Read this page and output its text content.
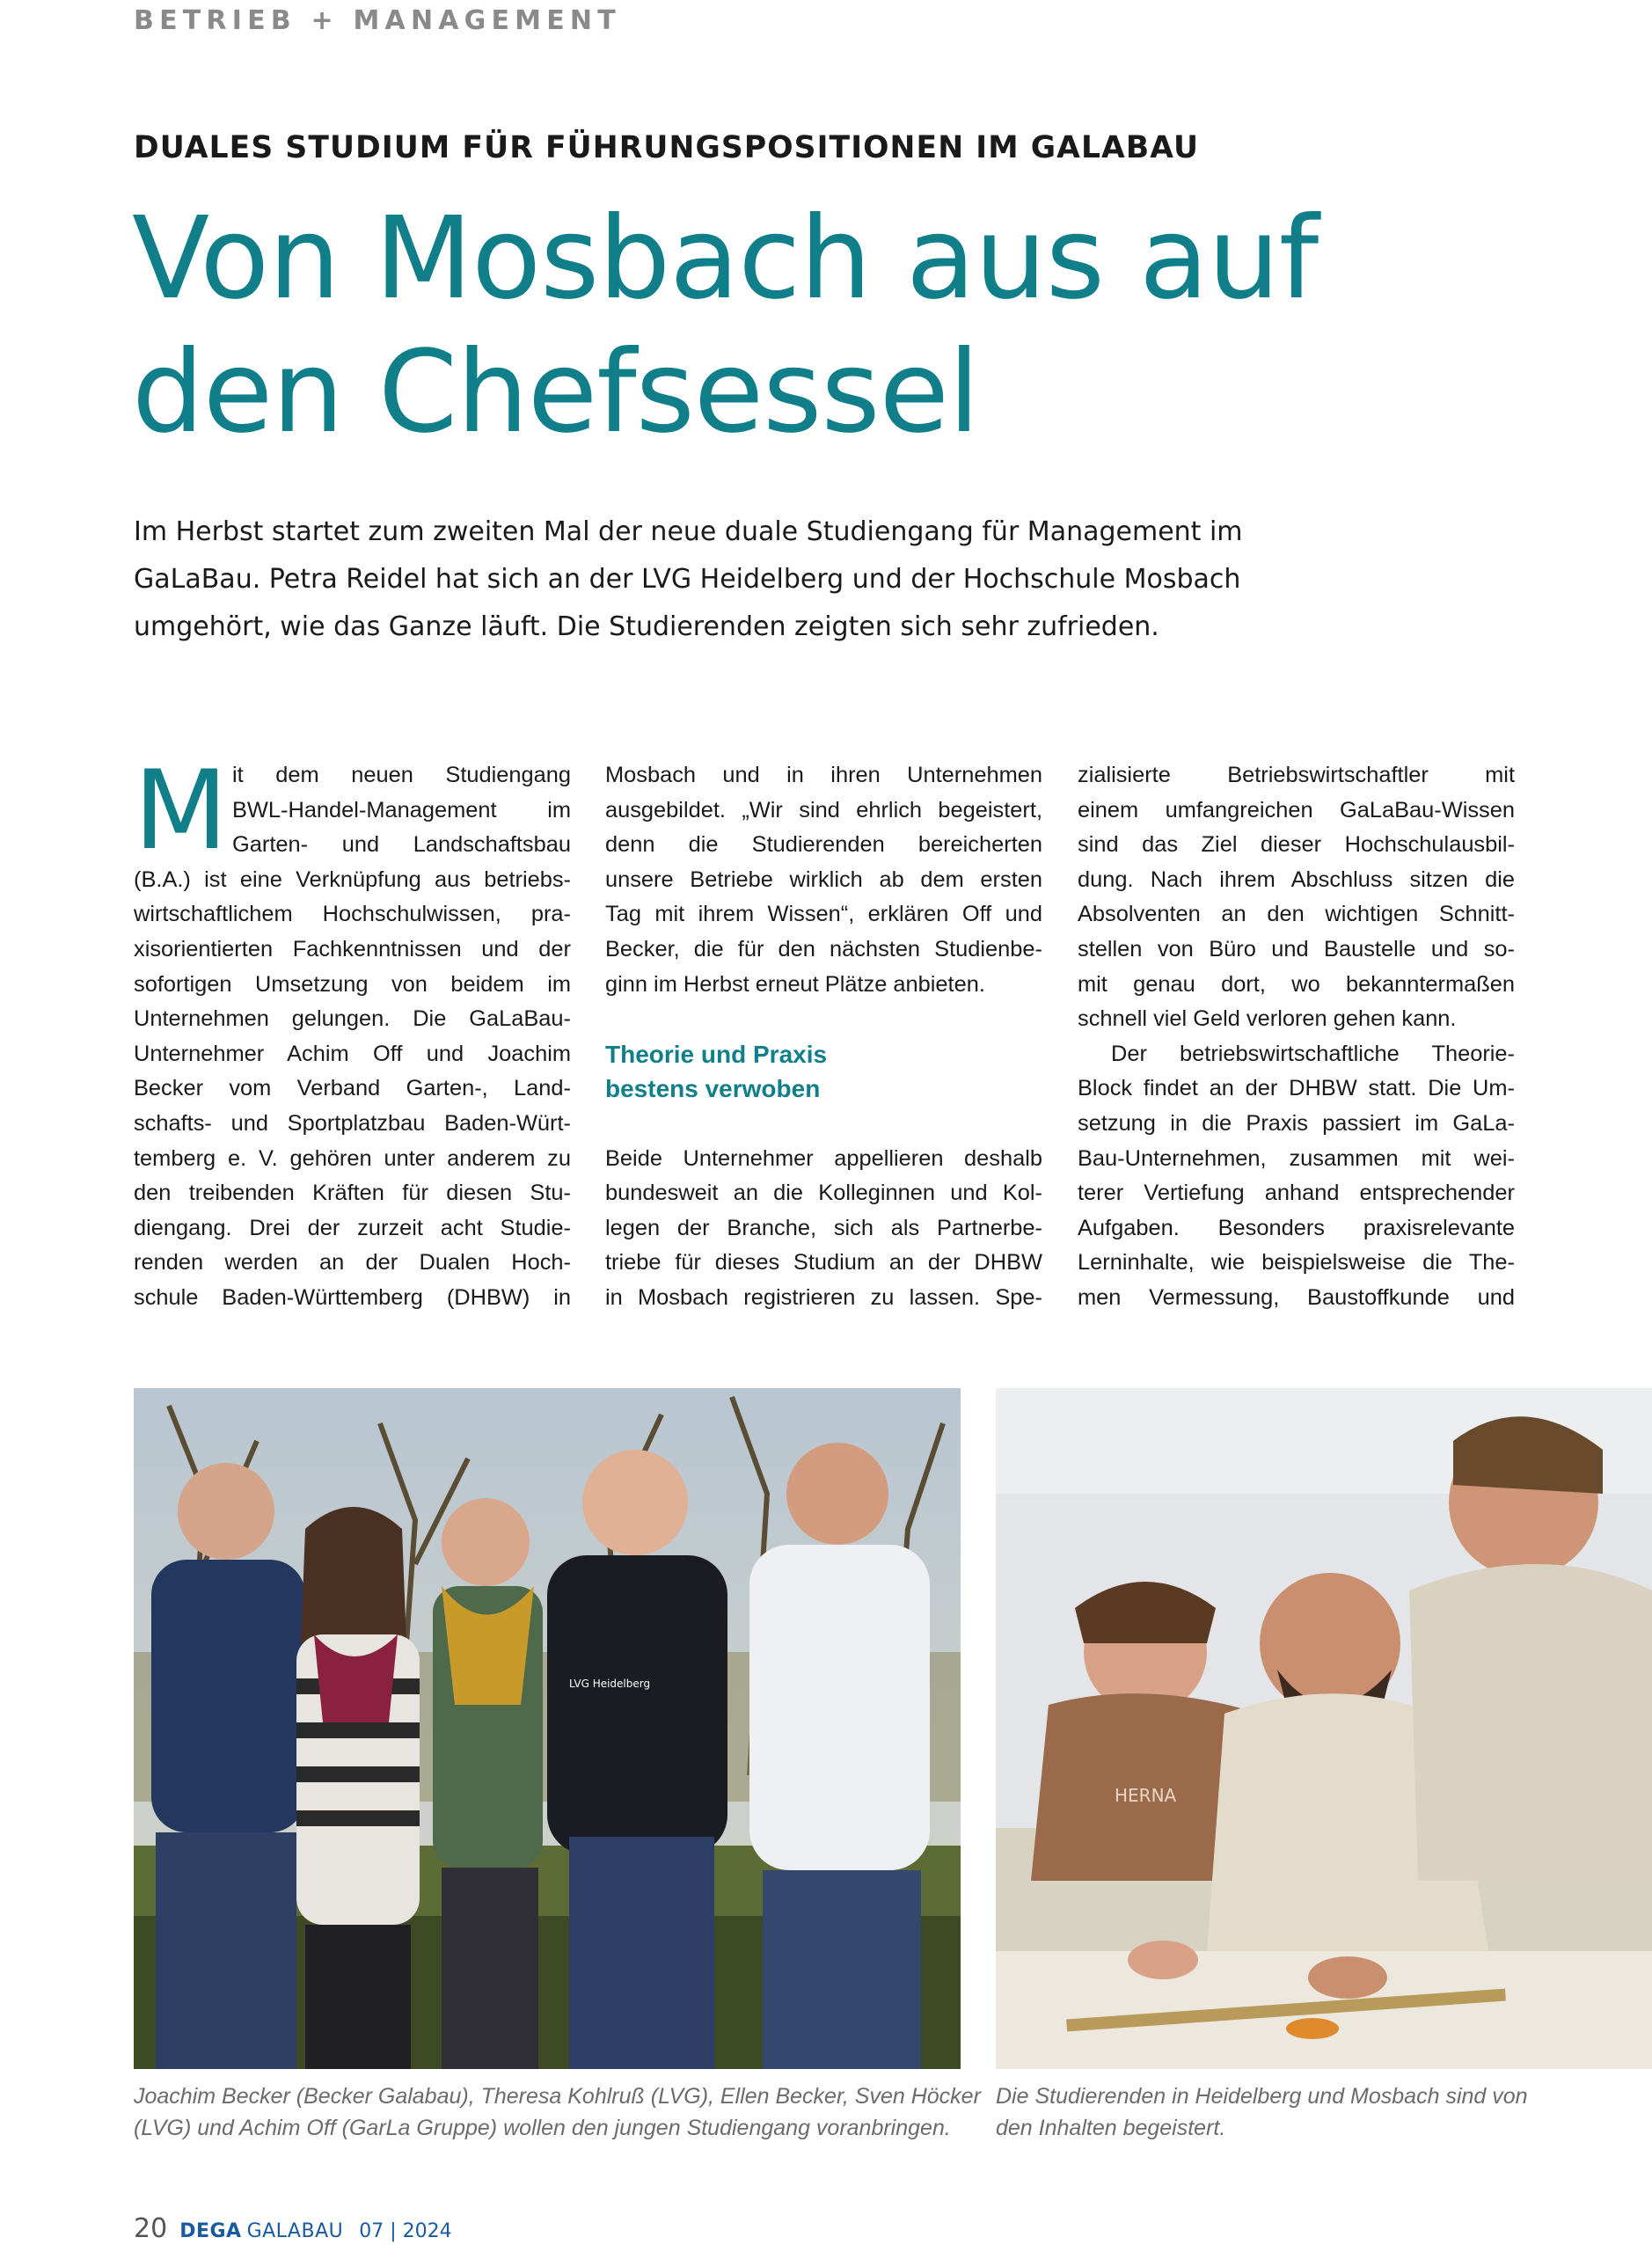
BETRIEB + MANAGEMENT
DUALES STUDIUM FÜR FÜHRUNGSPOSITIONEN IM GALABAU
Von Mosbach aus auf
den Chefsessel
Im Herbst startet zum zweiten Mal der neue duale Studiengang für Management im
GaLaBau. Petra Reidel hat sich an der LVG Heidelberg und der Hochschule Mosbach
umgehört, wie das Ganze läuft. Die Studierenden zeigten sich sehr zufrieden.
M it dem neuen Studiengang
BWL-Handel-Management im
Garten- und Landschaftsbau
(B.A.) ist eine Verknüpfung aus betriebs-
wirtschaftlichem Hochschulwissen, pra-
xisorientierten Fachkenntnissen und der
sofortigen Umsetzung von beidem im
Unternehmen gelungen. Die GaLaBau-
Unternehmer Achim Off und Joachim
Becker vom Verband Garten-, Land-
schafts- und Sportplatzbau Baden-Würt-
temberg e. V. gehören unter anderem zu
den treibenden Kräften für diesen Stu-
diengang. Drei der zurzeit acht Studie-
renden werden an der Dualen Hoch-
schule Baden-Württemberg (DHBW) in
Mosbach und in ihren Unternehmen
ausgebildet. „Wir sind ehrlich begeistert,
denn die Studierenden bereicherten
unsere Betriebe wirklich ab dem ersten
Tag mit ihrem Wissen“, erklären Off und
Becker, die für den nächsten Studienbe-
ginn im Herbst erneut Plätze anbieten.
Theorie und Praxis
bestens verwoben
Beide Unternehmer appellieren deshalb
bundesweit an die Kolleginnen und Kol-
legen der Branche, sich als Partnerbe-
triebe für dieses Studium an der DHBW
in Mosbach registrieren zu lassen. Spe-
zialisierte Betriebswirtschaftler mit
einem umfangreichen GaLaBau-Wissen
sind das Ziel dieser Hochschulausbil-
dung. Nach ihrem Abschluss sitzen die
Absolventen an den wichtigen Schnitt-
stellen von Büro und Baustelle und so-
mit genau dort, wo bekanntermaßen
schnell viel Geld verloren gehen kann.
Der betriebswirtschaftliche Theorie-
Block findet an der DHBW statt. Die Um-
setzung in die Praxis passiert im GaLa-
Bau-Unternehmen, zusammen mit wei-
terer Vertiefung anhand entsprechender
Aufgaben. Besonders praxisrelevante
Lerninhalte, wie beispielsweise die The-
men Vermessung, Baustoffkunde und
LVG Heidelberg
HERNA
Joachim Becker (Becker Galabau), Theresa Kohlruß (LVG), Ellen Becker, Sven Höcker
(LVG) und Achim Off (GarLa Gruppe) wollen den jungen Studiengang voranbringen.
Die Studierenden in Heidelberg und Mosbach sind von
den Inhalten begeistert.
20 DEGA GALABAU 07 | 2024
